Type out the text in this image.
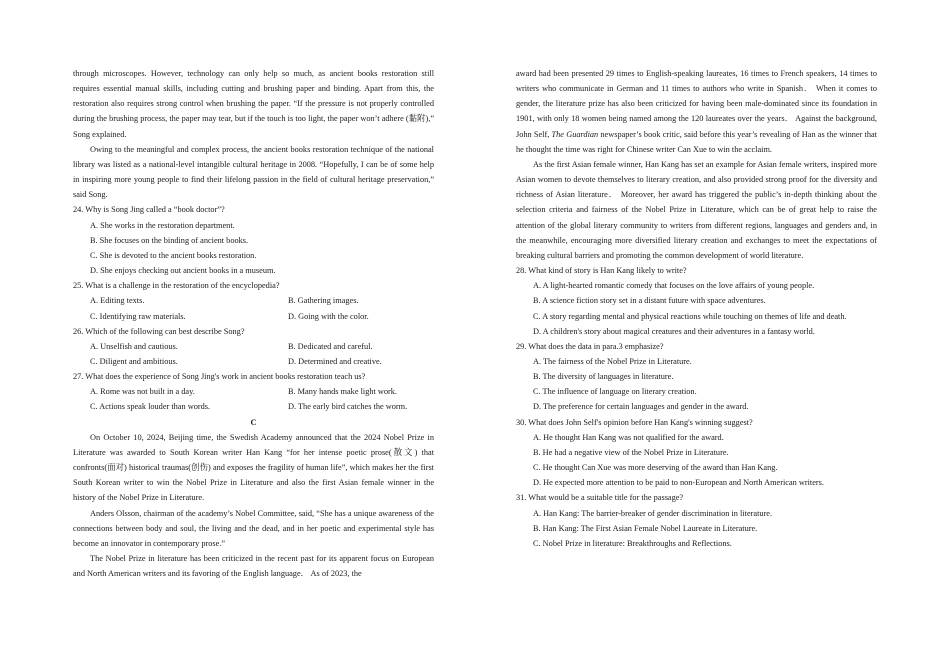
through microscopes. However, technology can only help so much, as ancient books restoration still requires essential manual skills, including cutting and brushing paper and binding. Apart from this, the restoration also requires strong control when brushing the paper. “If the pressure is not properly controlled during the brushing process, the paper may tear, but if the touch is too light, the paper won’t adhere (黏附),” Song explained.

Owing to the meaningful and complex process, the ancient books restoration technique of the national library was listed as a national-level intangible cultural heritage in 2008. “Hopefully, I can be of some help in inspiring more young people to find their lifelong passion in the field of cultural heritage preservation,” said Song.

24. Why is Song Jing called a “book doctor”?

A. She works in the restoration department.
B. She focuses on the binding of ancient books.
C. She is devoted to the ancient books restoration.
D. She enjoys checking out ancient books in a museum.

25. What is a challenge in the restoration of the encyclopedia?

A. Editing texts.	B. Gathering images.
C. Identifying raw materials.	D. Going with the color.

26. Which of the following can best describe Song?

A. Unselfish and cautious.	B. Dedicated and careful.
C. Diligent and ambitious.	D. Determined and creative.

27. What does the experience of Song Jing's work in ancient books restoration teach us?

A. Rome was not built in a day.	B. Many hands make light work.
C. Actions speak louder than words.	D. The early bird catches the worm.

C

On October 10, 2024, Beijing time, the Swedish Academy announced that the 2024 Nobel Prize in Literature was awarded to South Korean writer Han Kang “for her intense poetic prose(散文) that confronts(面对) historical traumas(创伤) and exposes the fragility of human life”, which makes her the first South Korean writer to win the Nobel Prize in Literature and also the first Asian female winner in the history of the Nobel Prize in Literature.

Anders Olsson, chairman of the academy’s Nobel Committee, said, “She has a unique awareness of the connections between body and soul, the living and the dead, and in her poetic and experimental style has become an innovator in contemporary prose.”

The Nobel Prize in literature has been criticized in the recent past for its apparent focus on European and North American writers and its favoring of the English language． As of 2023, the

award had been presented 29 times to English-speaking laureates, 16 times to French speakers, 14 times to writers who communicate in German and 11 times to authors who write in Spanish． When it comes to gender, the literature prize has also been criticized for having been male-dominated since its foundation in 1901, with only 18 women being named among the 120 laureates over the years． Against the background, John Self, The Guardian newspaper’s book critic, said before this year’s revealing of Han as the winner that he thought the time was right for Chinese writer Can Xue to win the acclaim.

As the first Asian female winner, Han Kang has set an example for Asian female writers, inspired more Asian women to devote themselves to literary creation, and also provided strong proof for the diversity and richness of Asian literature． Moreover, her award has triggered the public’s in-depth thinking about the selection criteria and fairness of the Nobel Prize in Literature, which can be of great help to raise the attention of the global literary community to writers from different regions, languages and genders and, in the meanwhile, encouraging more diversified literary creation and exchanges to meet the expectations of breaking cultural barriers and promoting the common development of world literature.

28. What kind of story is Han Kang likely to write?

A. A light-hearted romantic comedy that focuses on the love affairs of young people.
B. A science fiction story set in a distant future with space adventures.
C. A story regarding mental and physical reactions while touching on themes of life and death.
D. A children's story about magical creatures and their adventures in a fantasy world.

29. What does the data in para.3 emphasize?

A. The fairness of the Nobel Prize in Literature.
B. The diversity of languages in literature.
C. The influence of language on literary creation.
D. The preference for certain languages and gender in the award.

30. What does John Self's opinion before Han Kang's winning suggest?

A. He thought Han Kang was not qualified for the award.
B. He had a negative view of the Nobel Prize in Literature.
C. He thought Can Xue was more deserving of the award than Han Kang.
D. He expected more attention to be paid to non-European and North American writers.

31. What would be a suitable title for the passage?

A. Han Kang: The barrier-breaker of gender discrimination in literature.
B. Han Kang: The First Asian Female Nobel Laureate in Literature.
C. Nobel Prize in literature: Breakthroughs and Reflections.
